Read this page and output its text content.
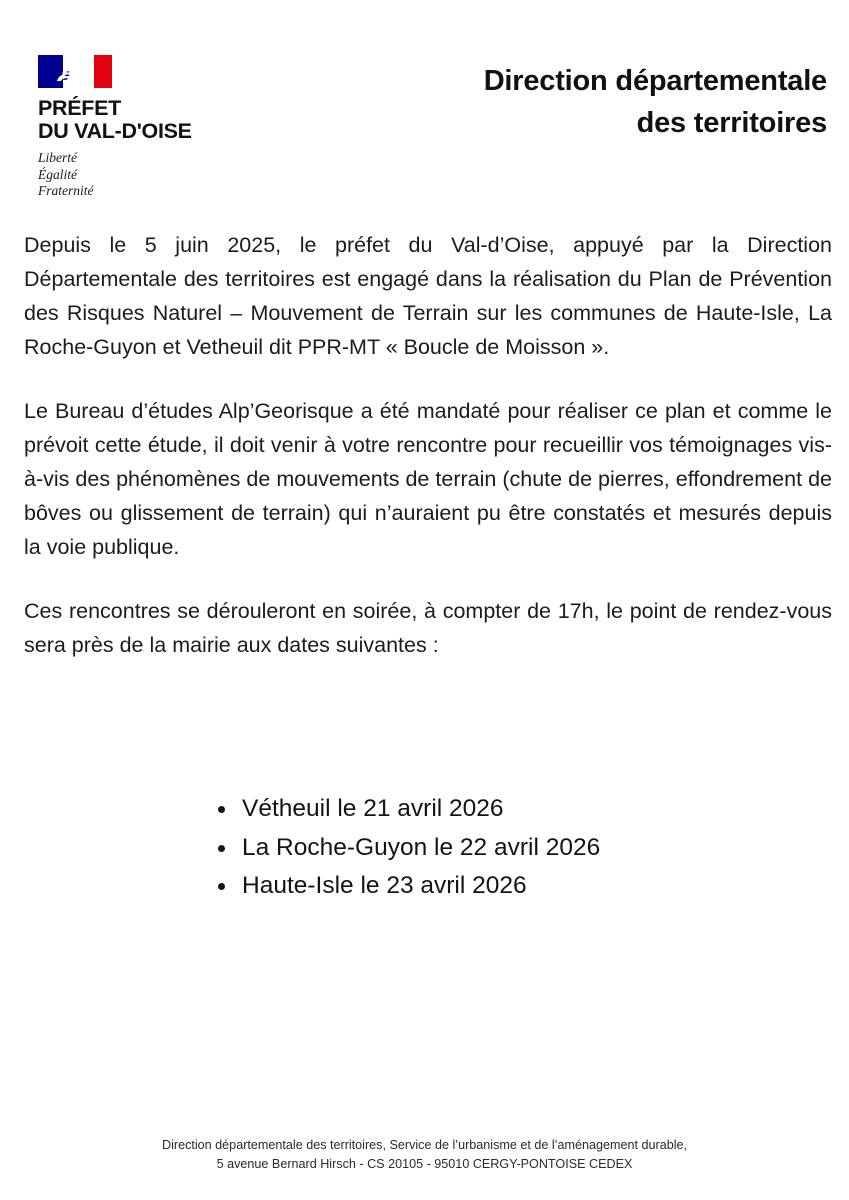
PRÉFET
DU VAL-D'OISE
Liberté
Égalité
Fraternité
Direction départementale
des territoires

Depuis le 5 juin 2025, le préfet du Val-d’Oise, appuyé par la Direction Départementale des territoires est engagé dans la réalisation du Plan de Prévention des Risques Naturel – Mouvement de Terrain sur les communes de Haute-Isle, La Roche-Guyon et Vetheuil dit PPR-MT « Boucle de Moisson ».

Le Bureau d’études Alp’Georisque a été mandaté pour réaliser ce plan et comme le prévoit cette étude, il doit venir à votre rencontre pour recueillir vos témoignages vis-à-vis des phénomènes de mouvements de terrain (chute de pierres, effondrement de bôves ou glissement de terrain) qui n’auraient pu être constatés et mesurés depuis la voie publique.

Ces rencontres se dérouleront en soirée, à compter de 17h, le point de rendez-vous sera près de la mairie aux dates suivantes :

Vétheuil le 21 avril 2026
La Roche-Guyon le 22 avril 2026
Haute-Isle le 23 avril 2026
Direction départementale des territoires, Service de l’urbanisme et de l’aménagement durable,
5 avenue Bernard Hirsch - CS 20105 - 95010 CERGY-PONTOISE CEDEX
